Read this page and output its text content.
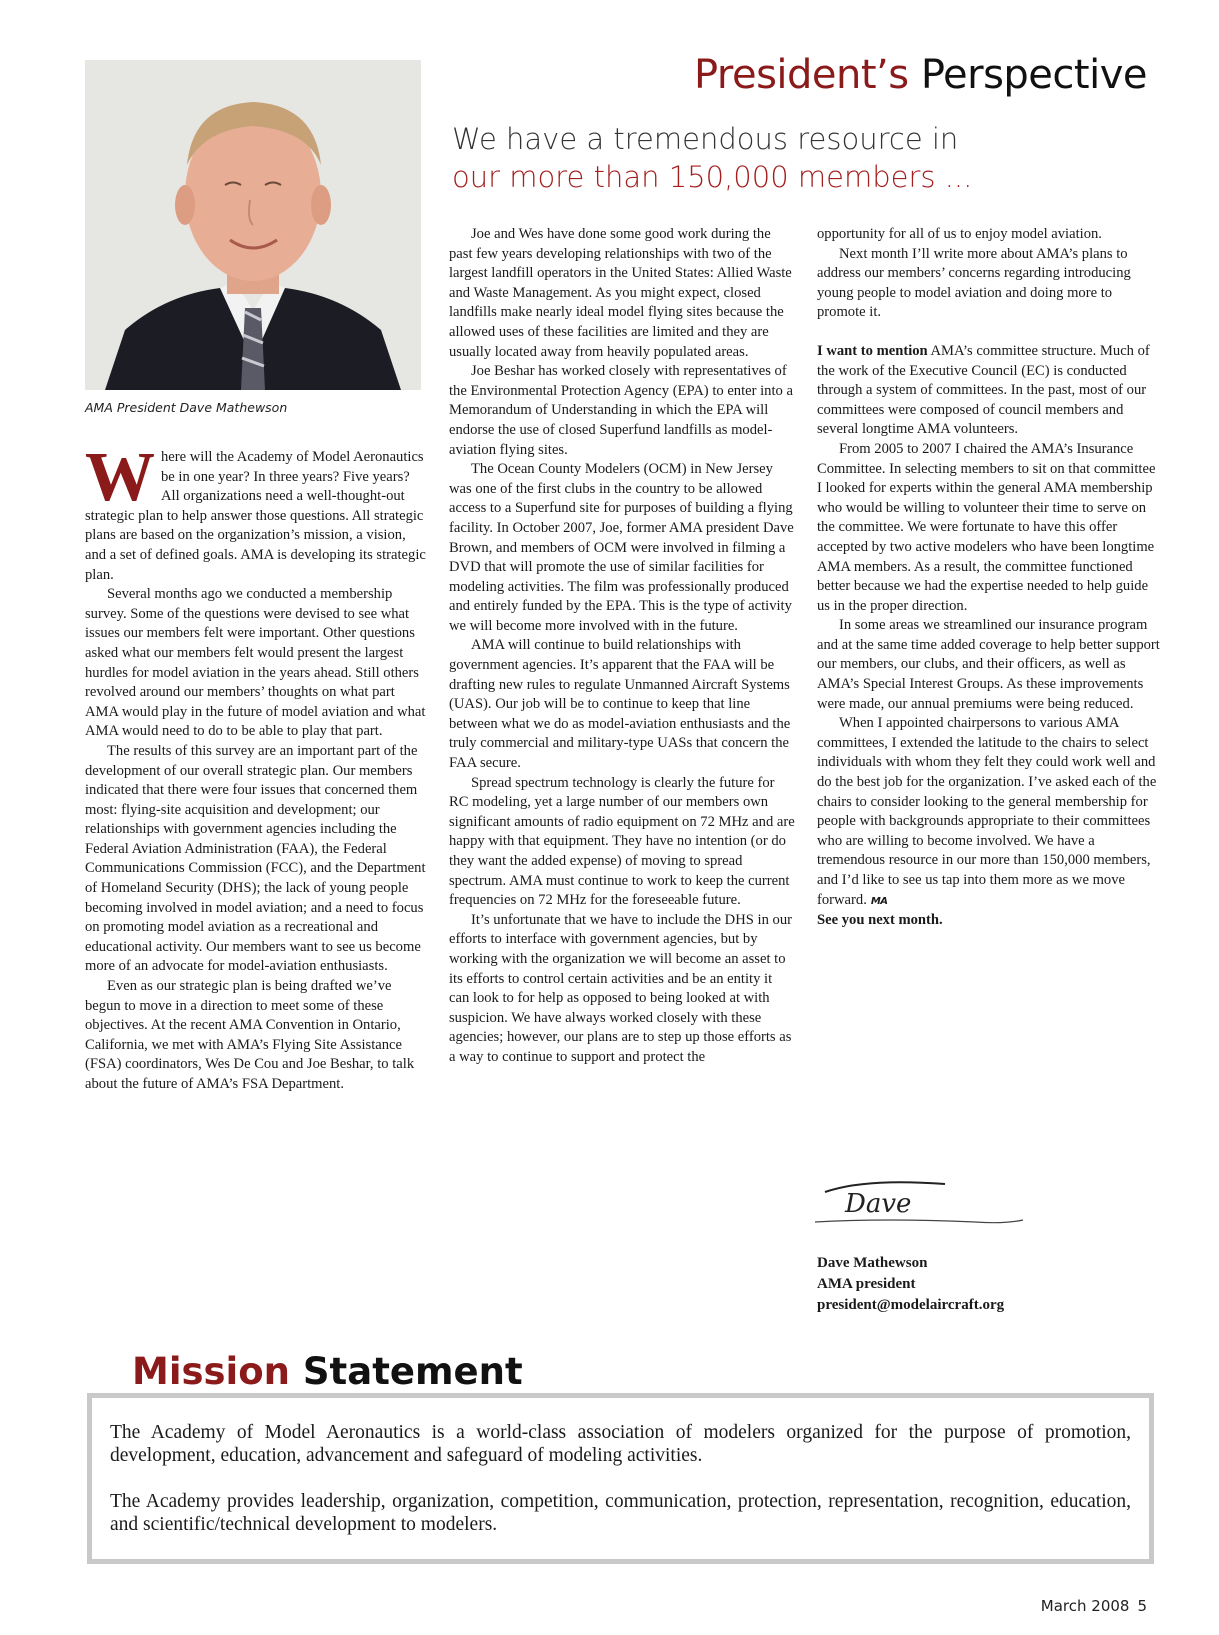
President’s Perspective
AMA President Dave Mathewson
We have a tremendous resource in
our more than 150,000 members ...

Where will the Academy of Model Aeronautics be in one year? In three years? Five years? All organizations need a well-thought-out strategic plan to help answer those questions. All strategic plans are based on the organization’s mission, a vision, and a set of defined goals. AMA is developing its strategic plan.

Several months ago we conducted a membership survey. Some of the questions were devised to see what issues our members felt were important. Other questions asked what our members felt would present the largest hurdles for model aviation in the years ahead. Still others revolved around our members’ thoughts on what part AMA would play in the future of model aviation and what AMA would need to do to be able to play that part.

The results of this survey are an important part of the development of our overall strategic plan. Our members indicated that there were four issues that concerned them most: flying-site acquisition and development; our relationships with government agencies including the Federal Aviation Administration (FAA), the Federal Communications Commission (FCC), and the Department of Homeland Security (DHS); the lack of young people becoming involved in model aviation; and a need to focus on promoting model aviation as a recreational and educational activity. Our members want to see us become more of an advocate for model-aviation enthusiasts.

Even as our strategic plan is being drafted we’ve begun to move in a direction to meet some of these objectives. At the recent AMA Convention in Ontario, California, we met with AMA’s Flying Site Assistance (FSA) coordinators, Wes De Cou and Joe Beshar, to talk about the future of AMA’s FSA Department.

Joe and Wes have done some good work during the past few years developing relationships with two of the largest landfill operators in the United States: Allied Waste and Waste Management. As you might expect, closed landfills make nearly ideal model flying sites because the allowed uses of these facilities are limited and they are usually located away from heavily populated areas.

Joe Beshar has worked closely with representatives of the Environmental Protection Agency (EPA) to enter into a Memorandum of Understanding in which the EPA will endorse the use of closed Superfund landfills as model-aviation flying sites.

The Ocean County Modelers (OCM) in New Jersey was one of the first clubs in the country to be allowed access to a Superfund site for purposes of building a flying facility. In October 2007, Joe, former AMA president Dave Brown, and members of OCM were involved in filming a DVD that will promote the use of similar facilities for modeling activities. The film was professionally produced and entirely funded by the EPA. This is the type of activity we will become more involved with in the future.

AMA will continue to build relationships with government agencies. It’s apparent that the FAA will be drafting new rules to regulate Unmanned Aircraft Systems (UAS). Our job will be to continue to keep that line between what we do as model-aviation enthusiasts and the truly commercial and military-type UASs that concern the FAA secure.

Spread spectrum technology is clearly the future for RC modeling, yet a large number of our members own significant amounts of radio equipment on 72 MHz and are happy with that equipment. They have no intention (or do they want the added expense) of moving to spread spectrum. AMA must continue to work to keep the current frequencies on 72 MHz for the foreseeable future.

It’s unfortunate that we have to include the DHS in our efforts to interface with government agencies, but by working with the organization we will become an asset to its efforts to control certain activities and be an entity it can look to for help as opposed to being looked at with suspicion. We have always worked closely with these agencies; however, our plans are to step up those efforts as a way to continue to support and protect the

opportunity for all of us to enjoy model aviation.

Next month I’ll write more about AMA’s plans to address our members’ concerns regarding introducing young people to model aviation and doing more to promote it.

I want to mention AMA’s committee structure. Much of the work of the Executive Council (EC) is conducted through a system of committees. In the past, most of our committees were composed of council members and several longtime AMA volunteers.

From 2005 to 2007 I chaired the AMA’s Insurance Committee. In selecting members to sit on that committee I looked for experts within the general AMA membership who would be willing to volunteer their time to serve on the committee. We were fortunate to have this offer accepted by two active modelers who have been longtime AMA members. As a result, the committee functioned better because we had the expertise needed to help guide us in the proper direction.

In some areas we streamlined our insurance program and at the same time added coverage to help better support our members, our clubs, and their officers, as well as AMA’s Special Interest Groups. As these improvements were made, our annual premiums were being reduced.

When I appointed chairpersons to various AMA committees, I extended the latitude to the chairs to select individuals with whom they felt they could work well and do the best job for the organization. I’ve asked each of the chairs to consider looking to the general membership for people with backgrounds appropriate to their committees who are willing to become involved. We have a tremendous resource in our more than 150,000 members, and I’d like to see us tap into them more as we move forward. MA

See you next month.

Dave
Dave Mathewson
AMA president
president@modelaircraft.org
Mission Statement

The Academy of Model Aeronautics is a world-class association of modelers organized for the purpose of promotion, development, education, advancement and safeguard of modeling activities.

The Academy provides leadership, organization, competition, communication, protection, representation, recognition, education, and scientific/technical development to modelers.

March 2008 5
